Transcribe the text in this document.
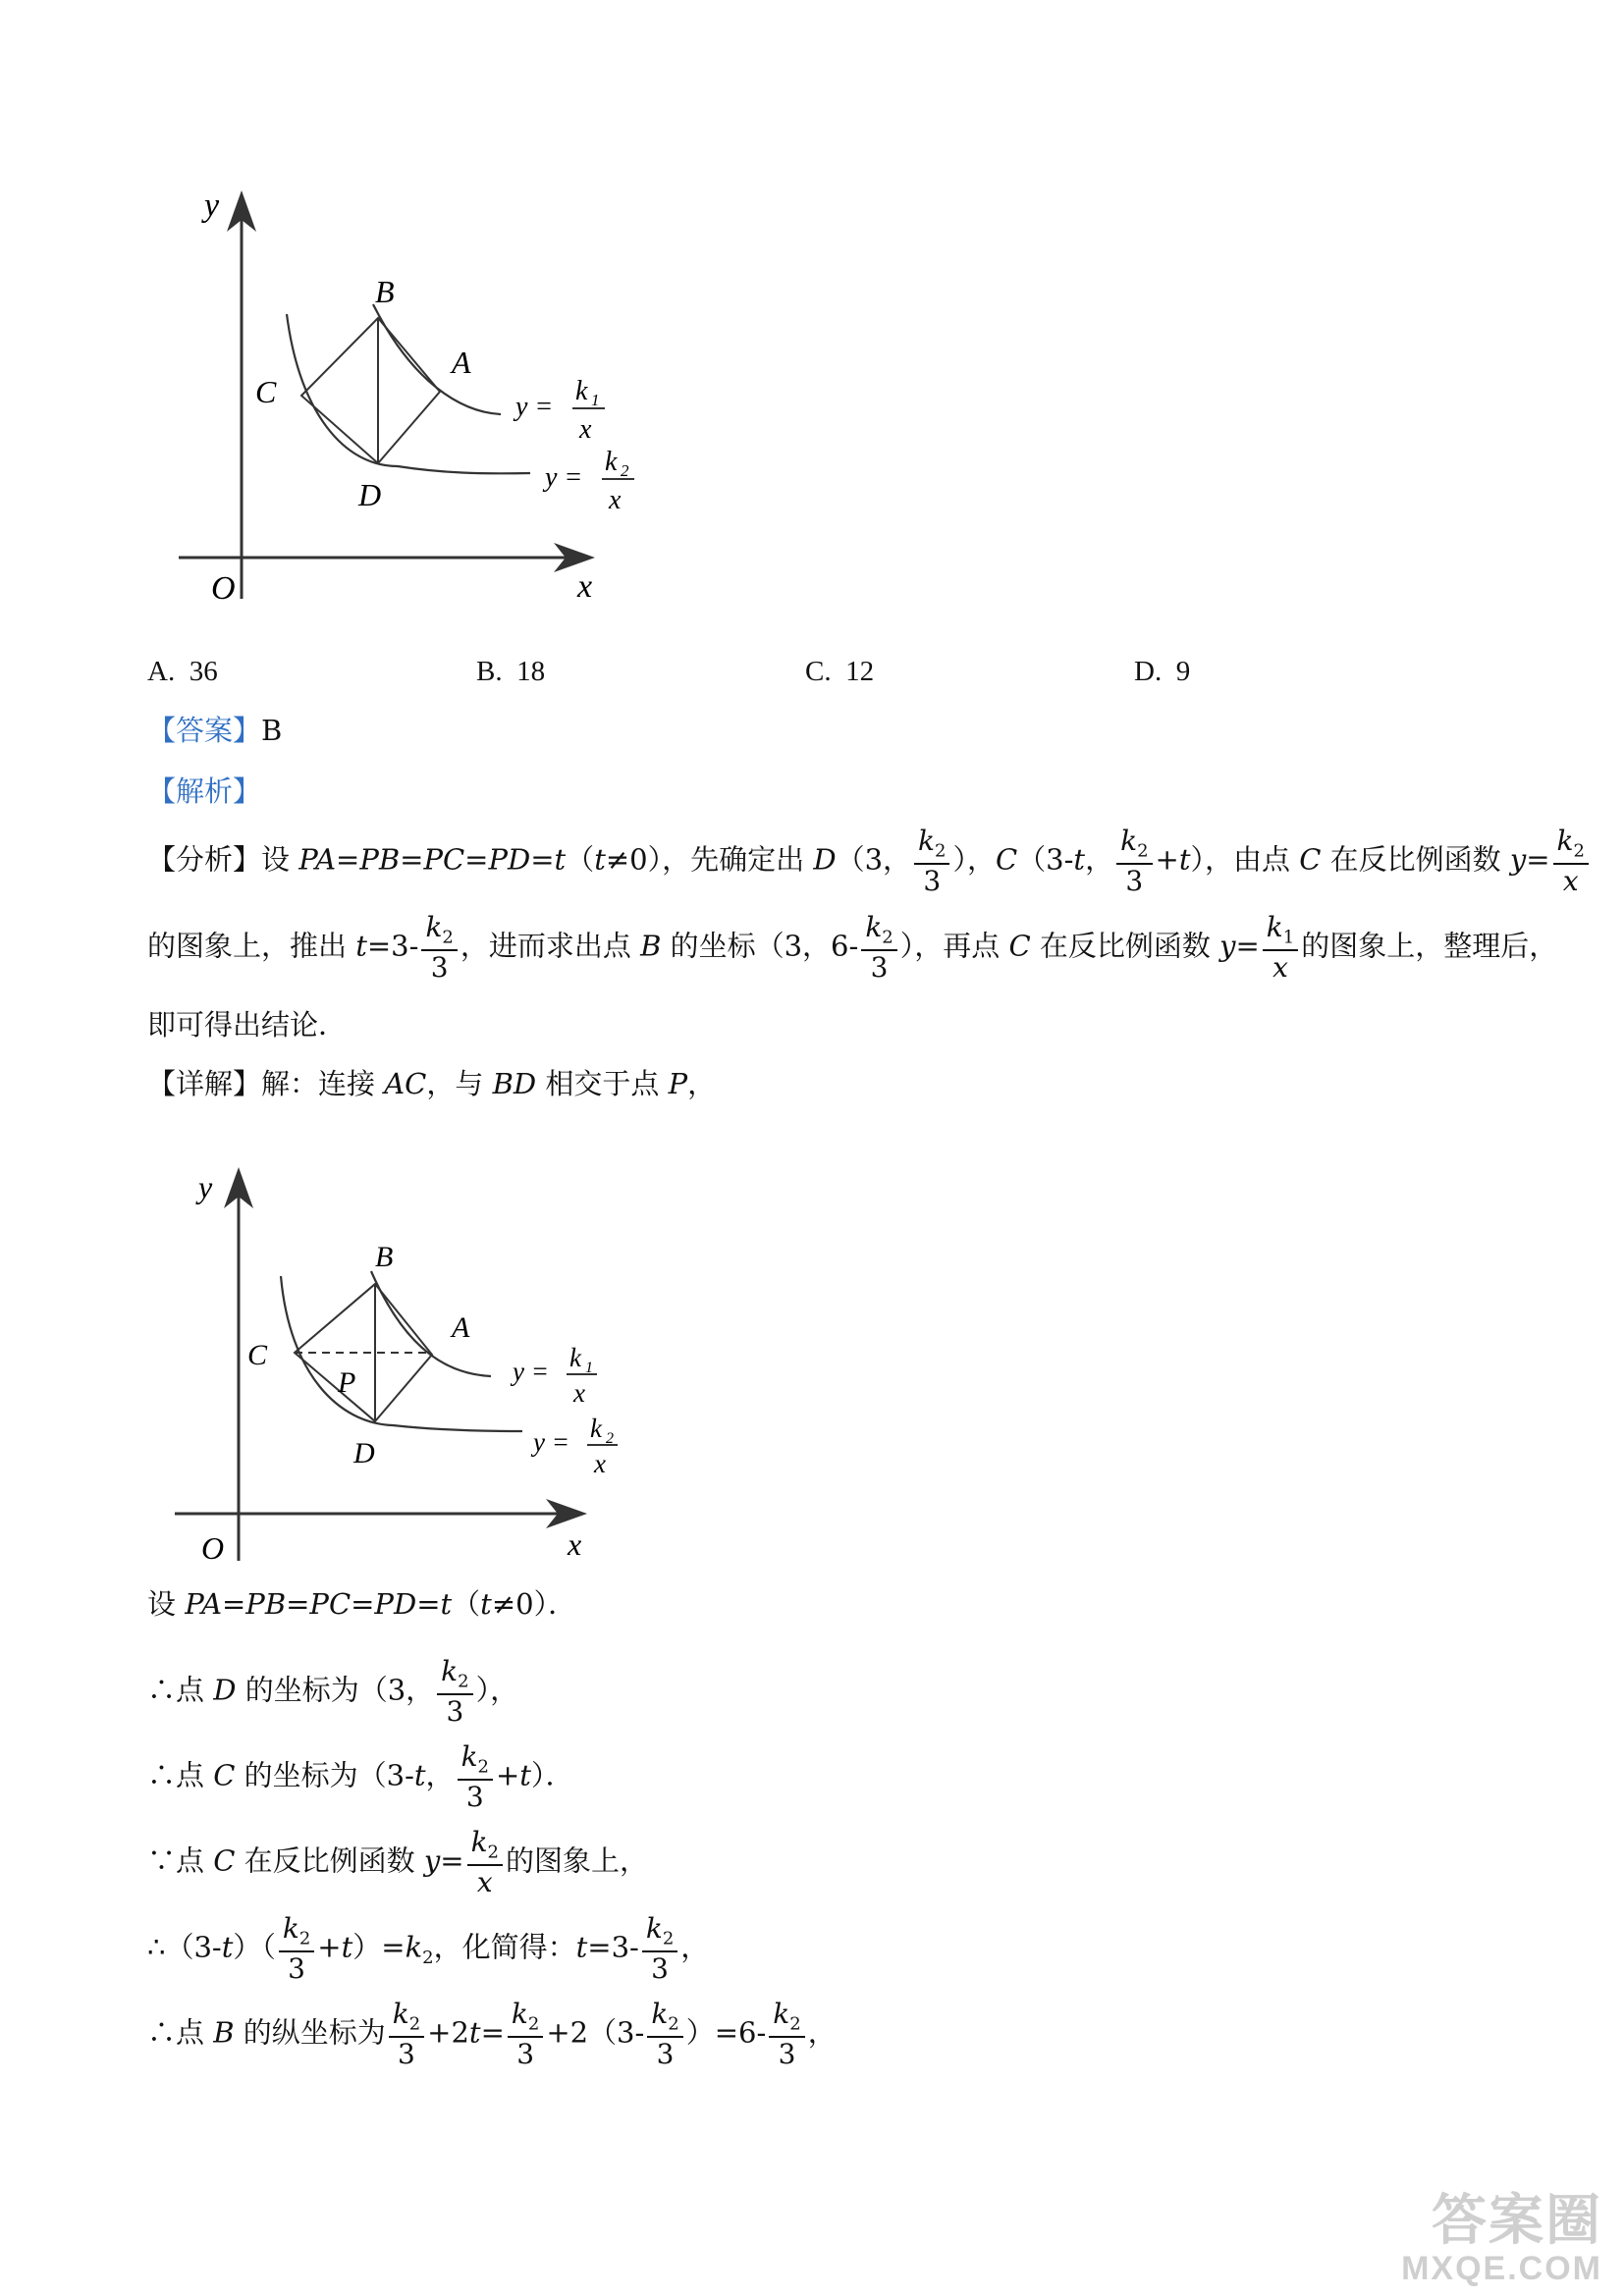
y
x
O
B
A
C
D
y =
k 1
x
y =
k 2
x
A. 36	B. 18	C. 12	D. 9
【答案】B
【解析】
【分析】设 PA=PB=PC=PD=t（t≠0），先确定出 D（3， $\frac{k_2}{3}$ ），C（3-t， $\frac{k_2}{3} +t$），由点 C 在反比例函数 $y= \frac{k_2}{x}$
的图象上，推出 $t=3- \frac{k_2}{3}$ ，进而求出点 B 的坐标（3，$6- \frac{k_2}{3}$ ），再点 C 在反比例函数 $y= \frac{k_1}{x}$ 的图象上，整理后，
即可得出结论．
【详解】解：连接 AC，与 BD 相交于点 P，
y
x
O
B
A
C
P
D
y = k 1
x
y = k 2
x
设 PA=PB=PC=PD=t（t≠0）．
∴点 D 的坐标为（3， $\frac{k_2}{3}$ ），
∴点 C 的坐标为（3-t， $\frac{k_2}{3} +t$）．
∵点 C 在反比例函数 $y= \frac{k_2}{x}$ 的图象上，
∴（3-t）（ $\frac{k_2}{3} +t)=k_2$，化简得：$t=3- \frac{k_2}{3}$ ，
∴点 B 的纵坐标为 $\frac{k_2}{3} +2t= \frac{k_2}{3} +2(3- \frac{k_2}{3} )=6- \frac{k_2}{3}$ ，
答案圈
MXQE.COM
